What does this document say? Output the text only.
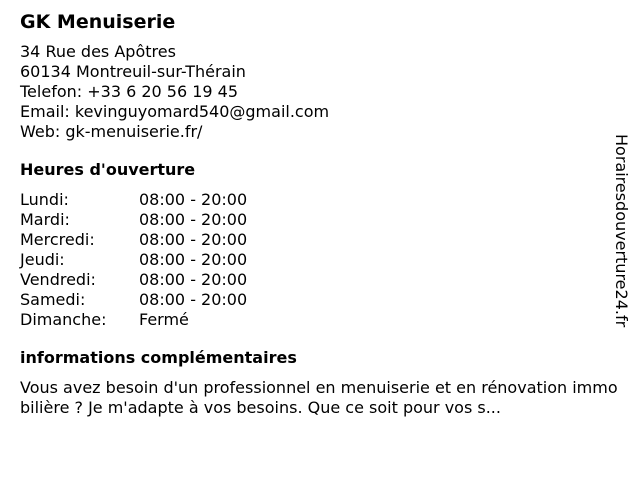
GK Menuiserie
34 Rue des Apôtres
60134 Montreuil-sur-Thérain
Telefon: +33 6 20 56 19 45
Email: kevinguyomard540@gmail.com
Web: gk-menuiserie.fr/
Heures d'ouverture
Lundi:	08:00 - 20:00
Mardi:	08:00 - 20:00
Mercredi:	08:00 - 20:00
Jeudi:	08:00 - 20:00
Vendredi:	08:00 - 20:00
Samedi:	08:00 - 20:00
Dimanche:	Fermé
informations complémentaires
Vous avez besoin d'un professionnel en menuiserie et en rénovation immobilière ? Je m'adapte à vos besoins. Que ce soit pour vos s...
Horairesdouverture24.fr
